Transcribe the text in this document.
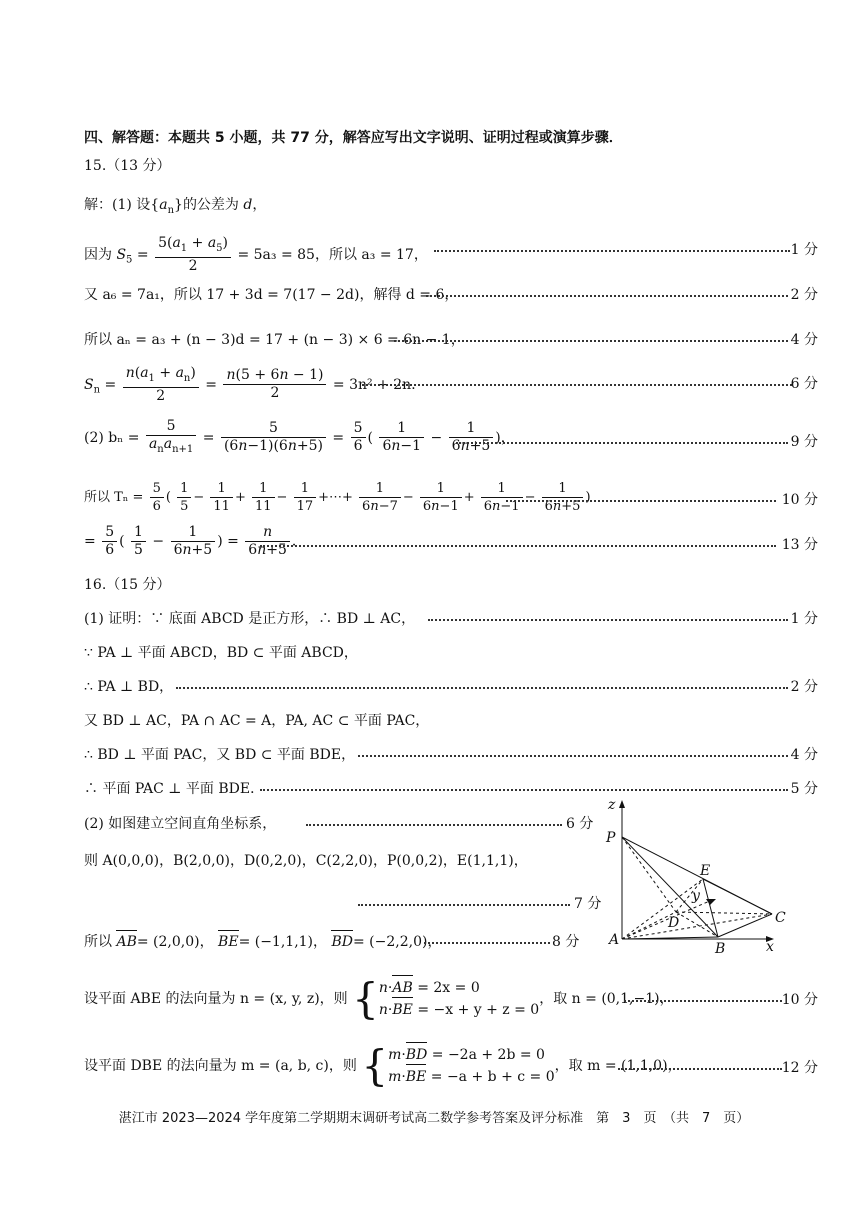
四、解答题：本题共 5 小题，共 77 分，解答应写出文字说明、证明过程或演算步骤．
15.（13 分）
解：(1) 设$\{a_n\}$的公差为 d，
因为 $S_5 = \frac{5(a_1 + a_5)}{2} = 5a_3 = 85$，所以 a₃ = 17，	1 分
又 a₆ = 7a₁，所以 17 + 3d = 7(17 − 2d)，解得 d = 6，	2 分
所以 aₙ = a₃ + (n − 3)d = 17 + (n − 3) × 6 = 6n − 1，	4 分
$S_n = \frac{n(a_1 + a_n)}{2} = \frac{n(5 + 6n - 1)}{2} = 3n^2 + 2n$．	6 分
(2) $b_n = \frac{5}{a_na_{n+1}} = \frac{5}{(6n-1)(6n+5)} = \frac{5}{6}$ ( $\frac{1}{6n-1} - \frac{1}{6n+5}$ )，	9 分
所以 $T_n = \frac{5}{6}$ ( $\frac{1}{5} - \frac{1}{11} + \frac{1}{11} - \frac{1}{17}$ +⋯+ $\frac{1}{6n-7} - \frac{1}{6n-1} + \frac{1}{6n-1} - \frac{1}{6n+5}$ )	10 分
= $\frac{5}{6}$ ( $\frac{1}{5} - \frac{1}{6n+5}$ ) = $\frac{n}{6n+5}$ ．	13 分
16.（15 分）
(1) 证明：∵ 底面 ABCD 是正方形，∴ BD ⊥ AC，	1 分
∵ PA ⊥ 平面 ABCD，BD ⊂ 平面 ABCD，
∴ PA ⊥ BD，	2 分
又 BD ⊥ AC，PA ∩ AC = A，PA, AC ⊂ 平面 PAC，
∴ BD ⊥ 平面 PAC，又 BD ⊂ 平面 BDE，	4 分
∴ 平面 PAC ⊥ 平面 BDE．	5 分
(2) 如图建立空间直角坐标系，	6 分
则 A(0,0,0)，B(2,0,0)，D(0,2,0)，C(2,2,0)，P(0,0,2)，E(1,1,1)，
7 分
所以 AB= (2,0,0)， BE= (−1,1,1)， BD= (−2,2,0)，	8 分
设平面 ABE 的法向量为 n = (x, y, z)，则 {n·AB = 2x = 0
n·BE = −x + y + z = 0，取 n = (0,1,−1)，	10 分
设平面 DBE 的法向量为 m = (a, b, c)，则 {m·BD = −2a + 2b = 0
m·BE = −a + b + c = 0，取 m = (1,1,0)，	12 分
z
P
E
y
D	C
A
B	x
湛江市 2023—2024 学年度第二学期期末调研考试高二数学参考答案及评分标准　第　3　页　（共　7　页）
